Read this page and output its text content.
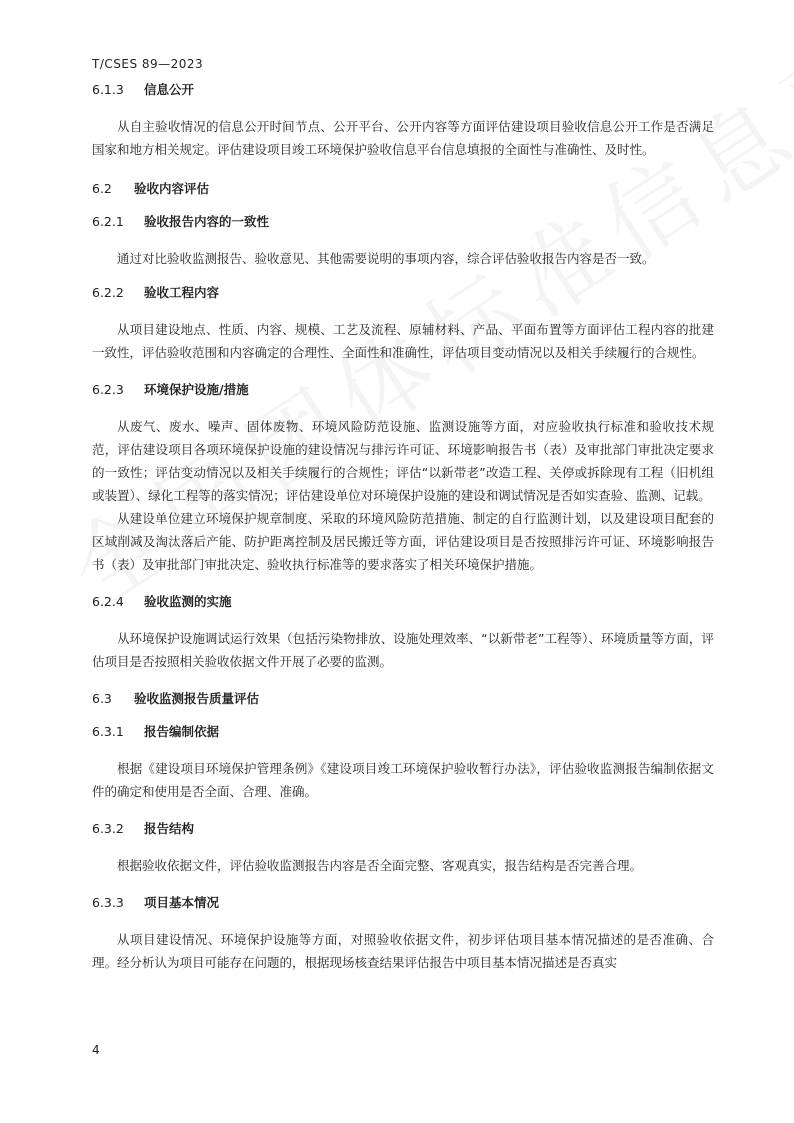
T/CSES 89—2023
6.1.3 信息公开

从自主验收情况的信息公开时间节点、公开平台、公开内容等方面评估建设项目验收信息公开工作是否满足国家和地方相关规定。评估建设项目竣工环境保护验收信息平台信息填报的全面性与准确性、及时性。

6.2 验收内容评估
6.2.1 验收报告内容的一致性

通过对比验收监测报告、验收意见、其他需要说明的事项内容，综合评估验收报告内容是否一致。

6.2.2 验收工程内容

从项目建设地点、性质、内容、规模、工艺及流程、原辅材料、产品、平面布置等方面评估工程内容的批建一致性，评估验收范围和内容确定的合理性、全面性和准确性，评估项目变动情况以及相关手续履行的合规性。

6.2.3 环境保护设施/措施

从废气、废水、噪声、固体废物、环境风险防范设施、监测设施等方面，对应验收执行标准和验收技术规范，评估建设项目各项环境保护设施的建设情况与排污许可证、环境影响报告书（表）及审批部门审批决定要求的一致性；评估变动情况以及相关手续履行的合规性；评估“以新带老”改造工程、关停或拆除现有工程（旧机组或装置）、绿化工程等的落实情况；评估建设单位对环境保护设施的建设和调试情况是否如实查验、监测、记载。

从建设单位建立环境保护规章制度、采取的环境风险防范措施、制定的自行监测计划，以及建设项目配套的区域削减及淘汰落后产能、防护距离控制及居民搬迁等方面，评估建设项目是否按照排污许可证、环境影响报告书（表）及审批部门审批决定、验收执行标准等的要求落实了相关环境保护措施。

6.2.4 验收监测的实施

从环境保护设施调试运行效果（包括污染物排放、设施处理效率、“以新带老”工程等）、环境质量等方面，评估项目是否按照相关验收依据文件开展了必要的监测。

6.3 验收监测报告质量评估
6.3.1 报告编制依据

根据《建设项目环境保护管理条例》《建设项目竣工环境保护验收暂行办法》，评估验收监测报告编制依据文件的确定和使用是否全面、合理、准确。

6.3.2 报告结构

根据验收依据文件，评估验收监测报告内容是否全面完整、客观真实，报告结构是否完善合理。

6.3.3 项目基本情况

从项目建设情况、环境保护设施等方面，对照验收依据文件，初步评估项目基本情况描述的是否准确、合理。经分析认为项目可能存在问题的，根据现场核查结果评估报告中项目基本情况描述是否真实

4
